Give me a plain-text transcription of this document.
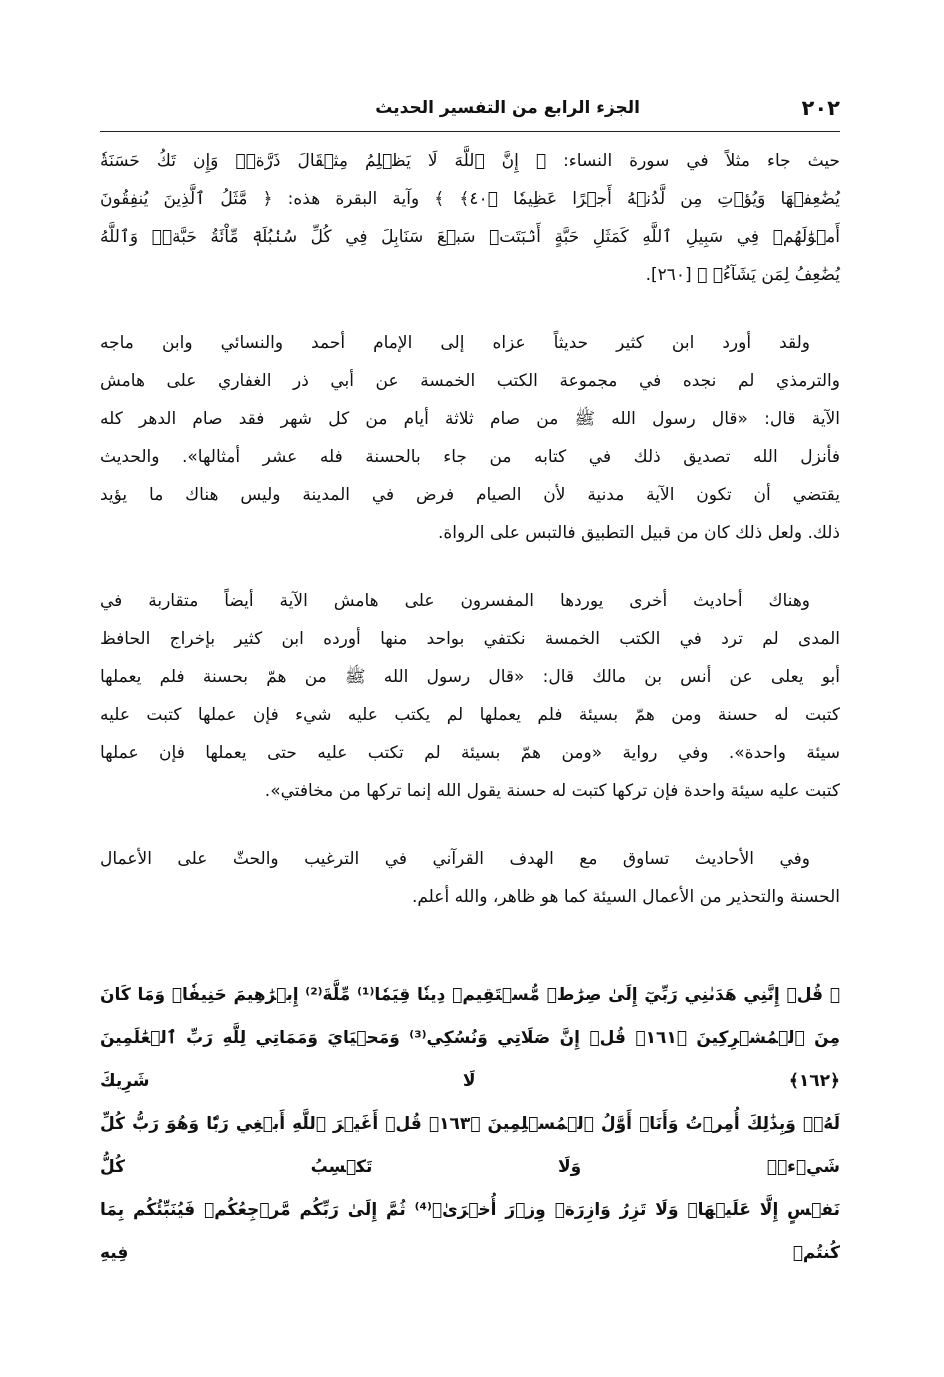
٢٠٢
الجزء الرابع من التفسير الحديث
حيث جاء مثلاً في سورة النساء: ﴿ إِنَّ ٱللَّهَ لَا يَظۡلِمُ مِثۡقَالَ ذَرَّةٖۖ وَإِن تَكُ حَسَنَةٗ
يُضَٰعِفۡهَا وَيُؤۡتِ مِن لَّدُنۡهُ أَجۡرًا عَظِيمٗا ﴿٤٠﴾ ﴾ وآية البقرة هذه: ﴿ مَّثَلُ ٱلَّذِينَ يُنفِقُونَ
أَمۡوَٰلَهُمۡ فِي سَبِيلِ ٱللَّهِ كَمَثَلِ حَبَّةٍ أَنۢبَتَتۡ سَبۡعَ سَنَابِلَ فِي كُلِّ سُنۢبُلَةٖ مِّاْئَةُ حَبَّةٖۗ وَٱللَّهُ
يُضَٰعِفُ لِمَن يَشَآءُۚ ﴾ [٢٦٠].
ولقد أورد ابن كثير حديثاً عزاه إلى الإمام أحمد والنسائي وابن ماجه
والترمذي لم نجده في مجموعة الكتب الخمسة عن أبي ذر الغفاري على هامش
الآية قال: «قال رسول الله ﷺ من صام ثلاثة أيام من كل شهر فقد صام الدهر كله
فأنزل الله تصديق ذلك في كتابه من جاء بالحسنة فله عشر أمثالها». والحديث
يقتضي أن تكون الآية مدنية لأن الصيام فرض في المدينة وليس هناك ما يؤيد
ذلك. ولعل ذلك كان من قبيل التطبيق فالتبس على الرواة.
وهناك أحاديث أخرى يوردها المفسرون على هامش الآية أيضاً متقاربة في
المدى لم ترد في الكتب الخمسة نكتفي بواحد منها أورده ابن كثير بإخراج الحافظ
أبو يعلى عن أنس بن مالك قال: «قال رسول الله ﷺ من همّ بحسنة فلم يعملها
كتبت له حسنة ومن همّ بسيئة فلم يعملها لم يكتب عليه شيء فإن عملها كتبت عليه
سيئة واحدة». وفي رواية «ومن همّ بسيئة لم تكتب عليه حتى يعملها فإن عملها
كتبت عليه سيئة واحدة فإن تركها كتبت له حسنة يقول الله إنما تركها من مخافتي».
وفي الأحاديث تساوق مع الهدف القرآني في الترغيب والحثّ على الأعمال
الحسنة والتحذير من الأعمال السيئة كما هو ظاهر، والله أعلم.
﴿ قُلۡ إِنَّنِي هَدَىٰنِي رَبِّيٓ إِلَىٰ صِرَٰطٖ مُّسۡتَقِيمٖ دِينٗا قِيَمٗا⁽¹⁾ مِّلَّةَ⁽²⁾ إِبۡرَٰهِيمَ حَنِيفٗاۚ وَمَا كَانَ
مِنَ ٱلۡمُشۡرِكِينَ ﴿١٦١﴾ قُلۡ إِنَّ صَلَاتِي وَنُسُكِي⁽³⁾ وَمَحۡيَايَ وَمَمَاتِي لِلَّهِ رَبِّ ٱلۡعَٰلَمِينَ ﴿١٦٢﴾ لَا شَرِيكَ
لَهُۥۖ وَبِذَٰلِكَ أُمِرۡتُ وَأَنَا۠ أَوَّلُ ٱلۡمُسۡلِمِينَ ﴿١٦٣﴾ قُلۡ أَغَيۡرَ ٱللَّهِ أَبۡغِي رَبّٗا وَهُوَ رَبُّ كُلِّ شَيۡءٖۚ وَلَا تَكۡسِبُ كُلُّ
نَفۡسٍ إِلَّا عَلَيۡهَاۚ وَلَا تَزِرُ وَازِرَةٞ وِزۡرَ أُخۡرَىٰۚ⁽⁴⁾ ثُمَّ إِلَىٰ رَبِّكُم مَّرۡجِعُكُمۡ فَيُنَبِّئُكُم بِمَا كُنتُمۡ فِيهِ
